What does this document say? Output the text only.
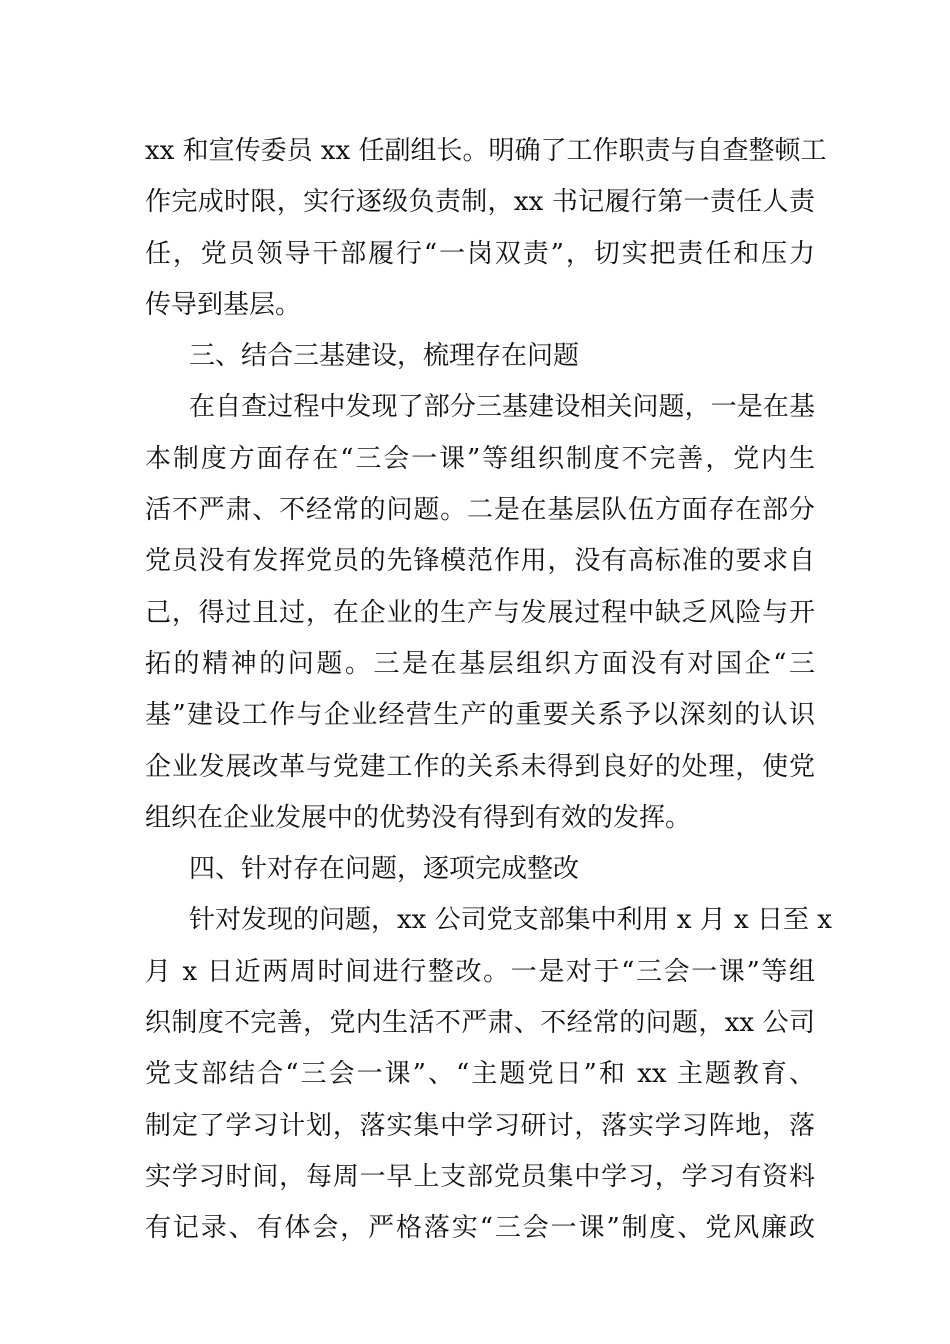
xx 和宣传委员 xx 任副组长。明确了工作职责与自查整顿工
作完成时限，实行逐级负责制，xx 书记履行第一责任人责
任，党员领导干部履行“一岗双责”，切实把责任和压力
传导到基层。
三、结合三基建设，梳理存在问题
在自查过程中发现了部分三基建设相关问题，一是在基
本制度方面存在“三会一课”等组织制度不完善，党内生
活不严肃、不经常的问题。二是在基层队伍方面存在部分
党员没有发挥党员的先锋模范作用，没有高标准的要求自
己，得过且过，在企业的生产与发展过程中缺乏风险与开
拓的精神的问题。三是在基层组织方面没有对国企“三
基”建设工作与企业经营生产的重要关系予以深刻的认识
企业发展改革与党建工作的关系未得到良好的处理，使党
组织在企业发展中的优势没有得到有效的发挥。
四、针对存在问题，逐项完成整改
针对发现的问题，xx 公司党支部集中利用 x 月 x 日至 x
月 x 日近两周时间进行整改。一是对于“三会一课”等组
织制度不完善，党内生活不严肃、不经常的问题，xx 公司
党支部结合“三会一课”、“主题党日”和 xx 主题教育、
制定了学习计划，落实集中学习研讨，落实学习阵地，落
实学习时间，每周一早上支部党员集中学习，学习有资料
有记录、有体会，严格落实“三会一课”制度、党风廉政
